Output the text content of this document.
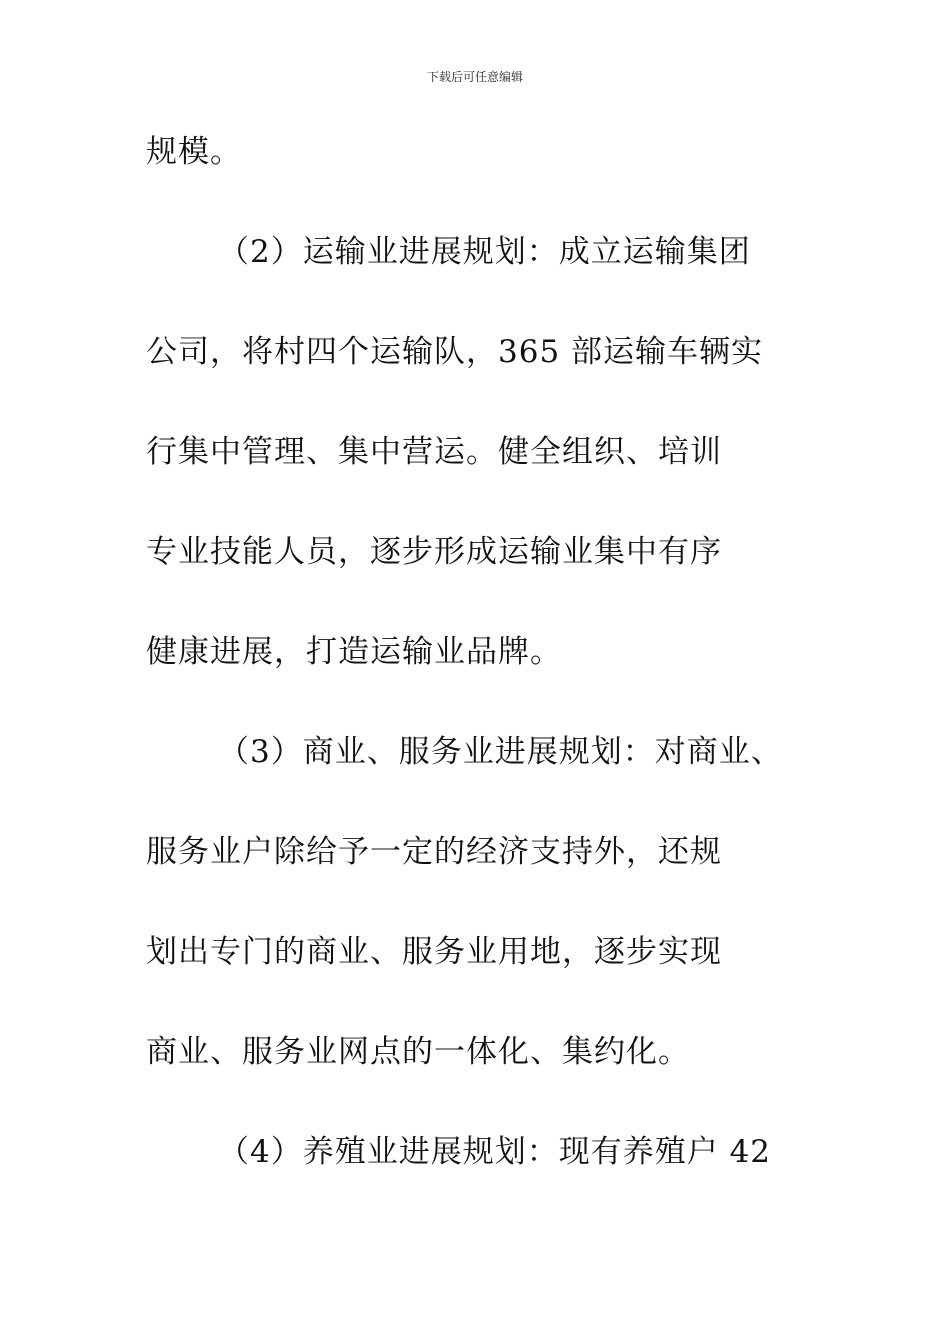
下载后可任意编辑
规模。
（2）运输业进展规划：成立运输集团
公司，将村四个运输队，365 部运输车辆实
行集中管理、集中营运。健全组织、培训
专业技能人员，逐步形成运输业集中有序
健康进展，打造运输业品牌。
（3）商业、服务业进展规划：对商业、
服务业户除给予一定的经济支持外，还规
划出专门的商业、服务业用地，逐步实现
商业、服务业网点的一体化、集约化。
（4）养殖业进展规划：现有养殖户 42
